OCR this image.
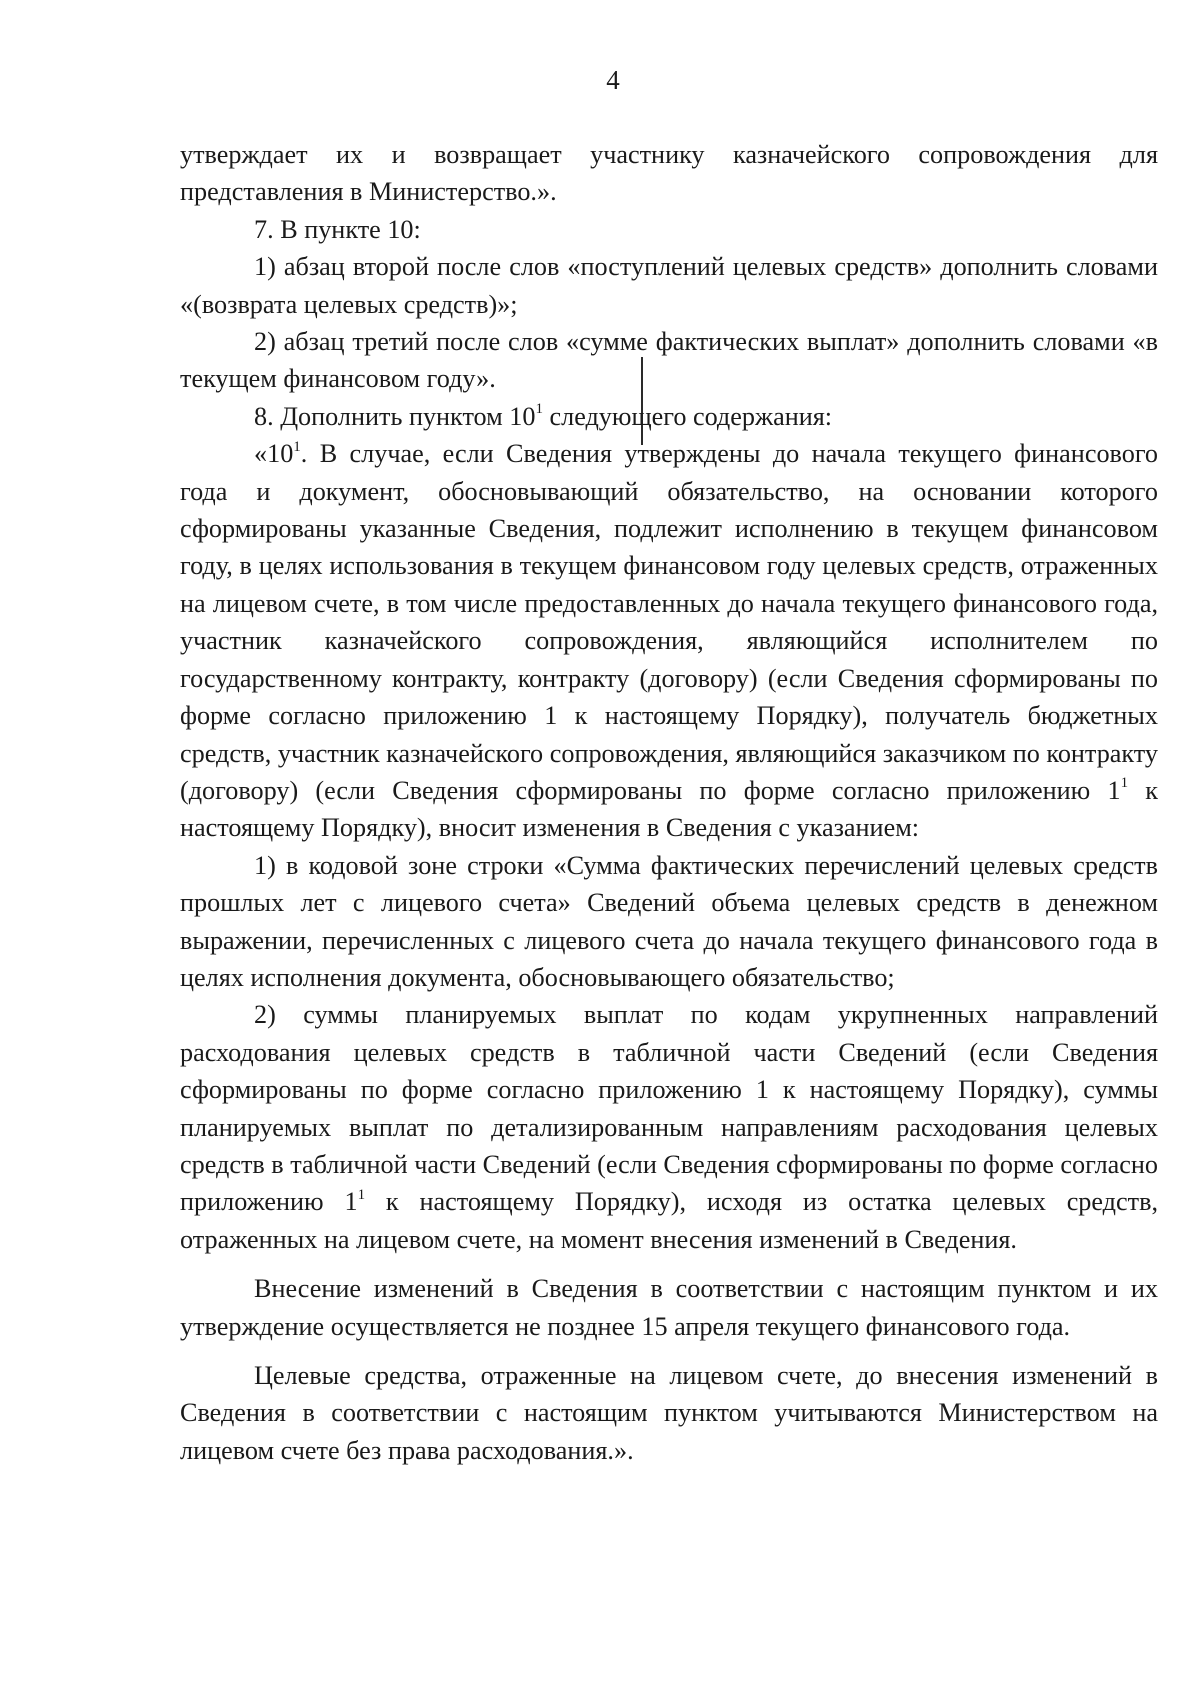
4

утверждает их и возвращает участнику казначейского сопровождения для представления в Министерство.».

7. В пункте 10:

1) абзац второй после слов «поступлений целевых средств» дополнить словами «(возврата целевых средств)»;

2) абзац третий после слов «сумме фактических выплат» дополнить словами «в текущем финансовом году».

8. Дополнить пунктом $10^1$ следующего содержания:

«$10^1$. В случае, если Сведения утверждены до начала текущего финансового года и документ, обосновывающий обязательство, на основании которого сформированы указанные Сведения, подлежит исполнению в текущем финансовом году, в целях использования в текущем финансовом году целевых средств, отраженных на лицевом счете, в том числе предоставленных до начала текущего финансового года, участник казначейского сопровождения, являющийся исполнителем по государственному контракту, контракту (договору) (если Сведения сформированы по форме согласно приложению 1 к настоящему Порядку), получатель бюджетных средств, участник казначейского сопровождения, являющийся заказчиком по контракту (договору) (если Сведения сформированы по форме согласно приложению $1^1$ к настоящему Порядку), вносит изменения в Сведения с указанием:

1) в кодовой зоне строки «Сумма фактических перечислений целевых средств прошлых лет с лицевого счета» Сведений объема целевых средств в денежном выражении, перечисленных с лицевого счета до начала текущего финансового года в целях исполнения документа, обосновывающего обязательство;

2) суммы планируемых выплат по кодам укрупненных направлений расходования целевых средств в табличной части Сведений (если Сведения сформированы по форме согласно приложению 1 к настоящему Порядку), суммы планируемых выплат по детализированным направлениям расходования целевых средств в табличной части Сведений (если Сведения сформированы по форме согласно приложению $1^1$ к настоящему Порядку), исходя из остатка целевых средств, отраженных на лицевом счете, на момент внесения изменений в Сведения.

Внесение изменений в Сведения в соответствии с настоящим пунктом и их утверждение осуществляется не позднее 15 апреля текущего финансового года.

Целевые средства, отраженные на лицевом счете, до внесения изменений в Сведения в соответствии с настоящим пунктом учитываются Министерством на лицевом счете без права расходования.».
